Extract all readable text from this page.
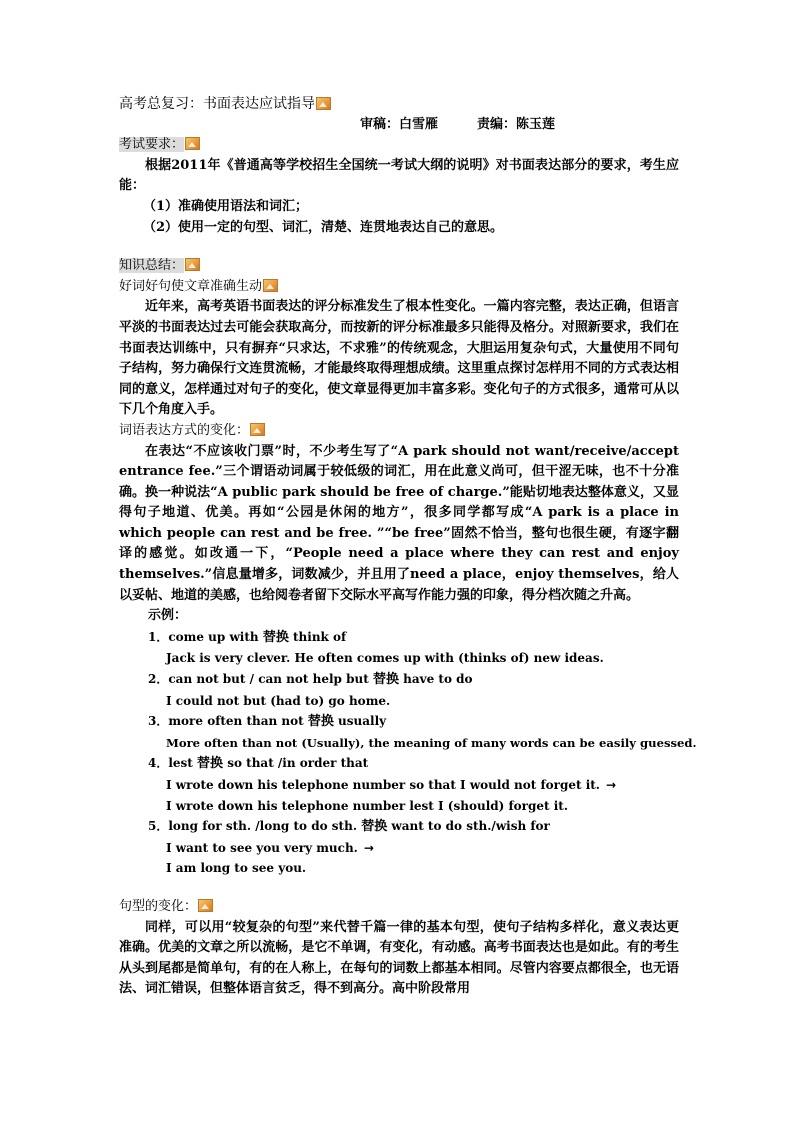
高考总复习：书面表达应试指导
审稿：白雪雁　　　责编：陈玉莲
考试要求：
根据2011年《普通高等学校招生全国统一考试大纲的说明》对书面表达部分的要求，考生应能：
（1）准确使用语法和词汇；
（2）使用一定的句型、词汇，清楚、连贯地表达自己的意思。
知识总结：
好词好句使文章准确生动
近年来，高考英语书面表达的评分标准发生了根本性变化。一篇内容完整，表达正确，但语言平淡的书面表达过去可能会获取高分，而按新的评分标准最多只能得及格分。对照新要求，我们在书面表达训练中，只有摒弃“只求达，不求雅”的传统观念，大胆运用复杂句式，大量使用不同句子结构，努力确保行文连贯流畅，才能最终取得理想成绩。这里重点探讨怎样用不同的方式表达相同的意义，怎样通过对句子的变化，使文章显得更加丰富多彩。变化句子的方式很多，通常可从以下几个角度入手。
词语表达方式的变化：
在表达“不应该收门票”时，不少考生写了“A park should not want/receive/accept entrance fee.”三个谓语动词属于较低级的词汇，用在此意义尚可，但干涩无味，也不十分准确。换一种说法“A public park should be free of charge.”能贴切地表达整体意义，又显得句子地道、优美。再如“公园是休闲的地方”，很多同学都写成“A park is a place in which people can rest and be free. ”“be free”固然不恰当，整句也很生硬，有逐字翻译的感觉。如改通一下，“People need a place where they can rest and enjoy themselves.”信息量增多，词数减少，并且用了need a place，enjoy themselves，给人以妥帖、地道的美感，也给阅卷者留下交际水平高写作能力强的印象，得分档次随之升高。
示例：
1．come up with 替换 think of
Jack is very clever. He often comes up with (thinks of) new ideas.
2．can not but / can not help but 替换 have to do
I could not but (had to) go home.
3．more often than not 替换 usually
More often than not (Usually), the meaning of many words can be easily guessed.
4．lest 替换 so that /in order that
I wrote down his telephone number so that I would not forget it. →
I wrote down his telephone number lest I (should) forget it.
5．long for sth. /long to do sth. 替换 want to do sth./wish for
I want to see you very much. →
I am long to see you.
句型的变化：
同样，可以用“较复杂的句型”来代替千篇一律的基本句型，使句子结构多样化，意义表达更准确。优美的文章之所以流畅，是它不单调，有变化，有动感。高考书面表达也是如此。有的考生从头到尾都是简单句，有的在人称上，在每句的词数上都基本相同。尽管内容要点都很全，也无语法、词汇错误，但整体语言贫乏，得不到高分。高中阶段常用
